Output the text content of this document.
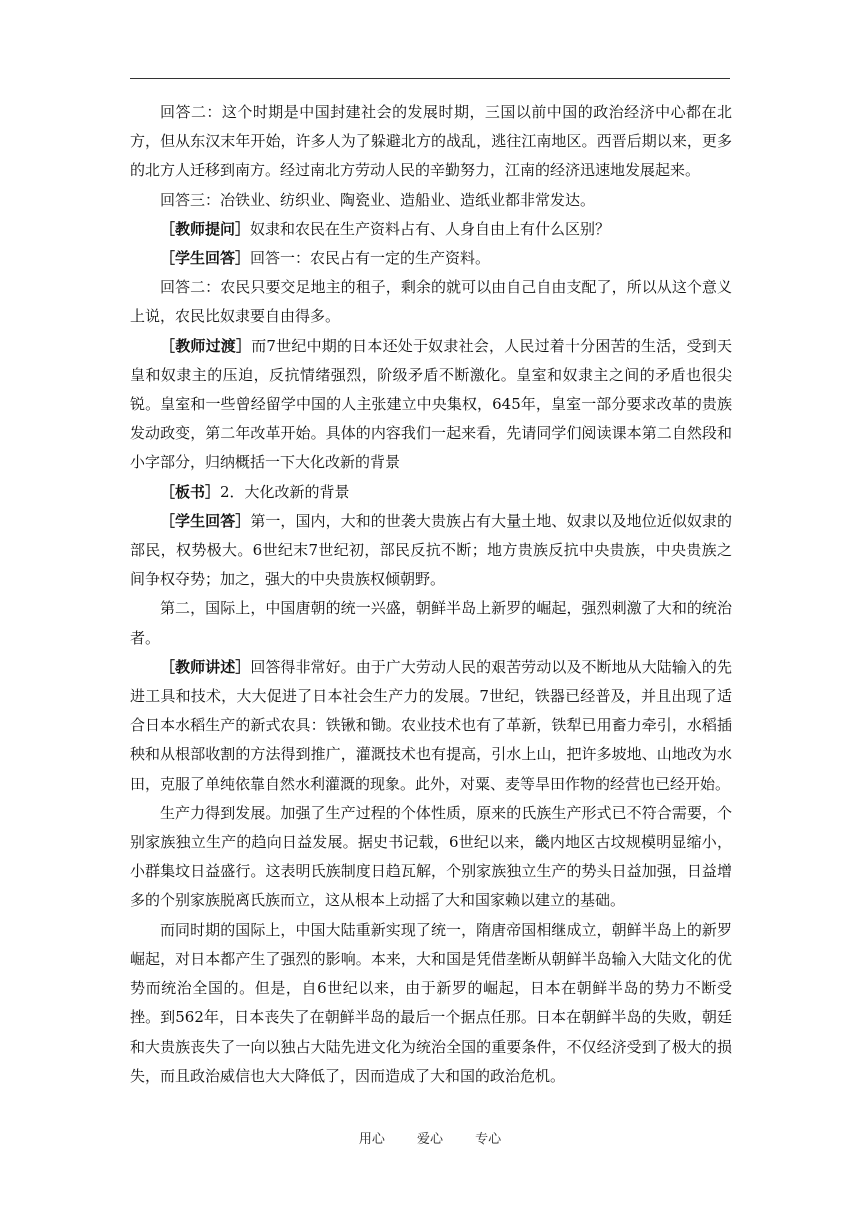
回答二：这个时期是中国封建社会的发展时期，三国以前中国的政治经济中心都在北方，但从东汉末年开始，许多人为了躲避北方的战乱，逃往江南地区。西晋后期以来，更多的北方人迁移到南方。经过南北方劳动人民的辛勤努力，江南的经济迅速地发展起来。

回答三：冶铁业、纺织业、陶瓷业、造船业、造纸业都非常发达。

［教师提问］奴隶和农民在生产资料占有、人身自由上有什么区别？

［学生回答］回答一：农民占有一定的生产资料。

回答二：农民只要交足地主的租子，剩余的就可以由自己自由支配了，所以从这个意义上说，农民比奴隶要自由得多。

［教师过渡］而7世纪中期的日本还处于奴隶社会，人民过着十分困苦的生活，受到天皇和奴隶主的压迫，反抗情绪强烈，阶级矛盾不断激化。皇室和奴隶主之间的矛盾也很尖锐。皇室和一些曾经留学中国的人主张建立中央集权，645年，皇室一部分要求改革的贵族发动政变，第二年改革开始。具体的内容我们一起来看，先请同学们阅读课本第二自然段和小字部分，归纳概括一下大化改新的背景

［板书］2．大化改新的背景

［学生回答］第一，国内，大和的世袭大贵族占有大量土地、奴隶以及地位近似奴隶的部民，权势极大。6世纪末7世纪初，部民反抗不断；地方贵族反抗中央贵族，中央贵族之间争权夺势；加之，强大的中央贵族权倾朝野。

第二，国际上，中国唐朝的统一兴盛，朝鲜半岛上新罗的崛起，强烈刺激了大和的统治者。

［教师讲述］回答得非常好。由于广大劳动人民的艰苦劳动以及不断地从大陆输入的先进工具和技术，大大促进了日本社会生产力的发展。7世纪，铁器已经普及，并且出现了适合日本水稻生产的新式农具：铁锹和锄。农业技术也有了革新，铁犁已用畜力牵引，水稻插秧和从根部收割的方法得到推广，灌溉技术也有提高，引水上山，把许多坡地、山地改为水田，克服了单纯依靠自然水利灌溉的现象。此外，对粟、麦等旱田作物的经营也已经开始。

生产力得到发展。加强了生产过程的个体性质，原来的氏族生产形式已不符合需要，个别家族独立生产的趋向日益发展。据史书记载，6世纪以来，畿内地区古坟规模明显缩小，小群集坟日益盛行。这表明氏族制度日趋瓦解，个别家族独立生产的势头日益加强，日益增多的个别家族脱离氏族而立，这从根本上动摇了大和国家赖以建立的基础。

而同时期的国际上，中国大陆重新实现了统一，隋唐帝国相继成立，朝鲜半岛上的新罗崛起，对日本都产生了强烈的影响。本来，大和国是凭借垄断从朝鲜半岛输入大陆文化的优势而统治全国的。但是，自6世纪以来，由于新罗的崛起，日本在朝鲜半岛的势力不断受挫。到562年，日本丧失了在朝鲜半岛的最后一个据点任那。日本在朝鲜半岛的失败，朝廷和大贵族丧失了一向以独占大陆先进文化为统治全国的重要条件，不仅经济受到了极大的损失，而且政治威信也大大降低了，因而造成了大和国的政治危机。

用心 爱心 专心
